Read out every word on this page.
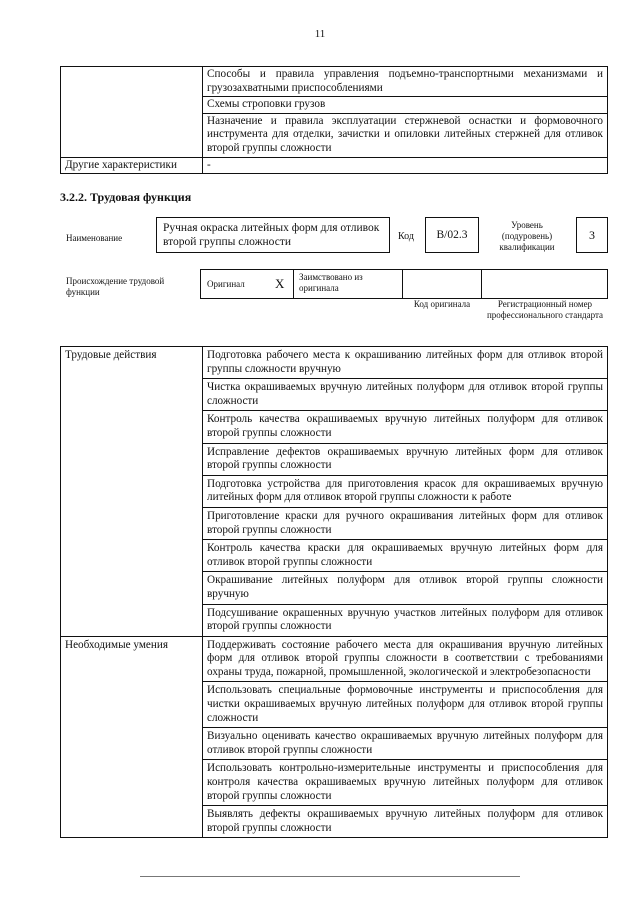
11
	Способы и правила управления подъемно-транспортными механизмами и грузозахватными приспособлениями
	Схемы строповки грузов
	Назначение и правила эксплуатации стержневой оснастки и формовочного инструмента для отделки, зачистки и опиловки литейных стержней для отливок второй группы сложности
Другие характеристики	-
3.2.2. Трудовая функция
Наименование
Ручная окраска литейных форм для отливок второй группы сложности	Код	B/02.3
Уровень (подуровень) квалификации
3
Происхождение трудовой функции
Оригинал X Заимствовано из оригинала
Код оригинала	Регистрационный номер профессионального стандарта
Трудовые действия	Подготовка рабочего места к окрашиванию литейных форм для отливок второй группы сложности вручную
	Чистка окрашиваемых вручную литейных полуформ для отливок второй группы сложности
	Контроль качества окрашиваемых вручную литейных полуформ для отливок второй группы сложности
	Исправление дефектов окрашиваемых вручную литейных форм для отливок второй группы сложности
	Подготовка устройства для приготовления красок для окрашиваемых вручную литейных форм для отливок второй группы сложности к работе
	Приготовление краски для ручного окрашивания литейных форм для отливок второй группы сложности
	Контроль качества краски для окрашиваемых вручную литейных форм для отливок второй группы сложности
	Окрашивание литейных полуформ для отливок второй группы сложности вручную
	Подсушивание окрашенных вручную участков литейных полуформ для отливок второй группы сложности
Необходимые умения	Поддерживать состояние рабочего места для окрашивания вручную литейных форм для отливок второй группы сложности в соответствии с требованиями охраны труда, пожарной, промышленной, экологической и электробезопасности
	Использовать специальные формовочные инструменты и приспособления для чистки окрашиваемых вручную литейных полуформ для отливок второй группы сложности
	Визуально оценивать качество окрашиваемых вручную литейных полуформ для отливок второй группы сложности
	Использовать контрольно-измерительные инструменты и приспособления для контроля качества окрашиваемых вручную литейных полуформ для отливок второй группы сложности
	Выявлять дефекты окрашиваемых вручную литейных полуформ для отливок второй группы сложности
